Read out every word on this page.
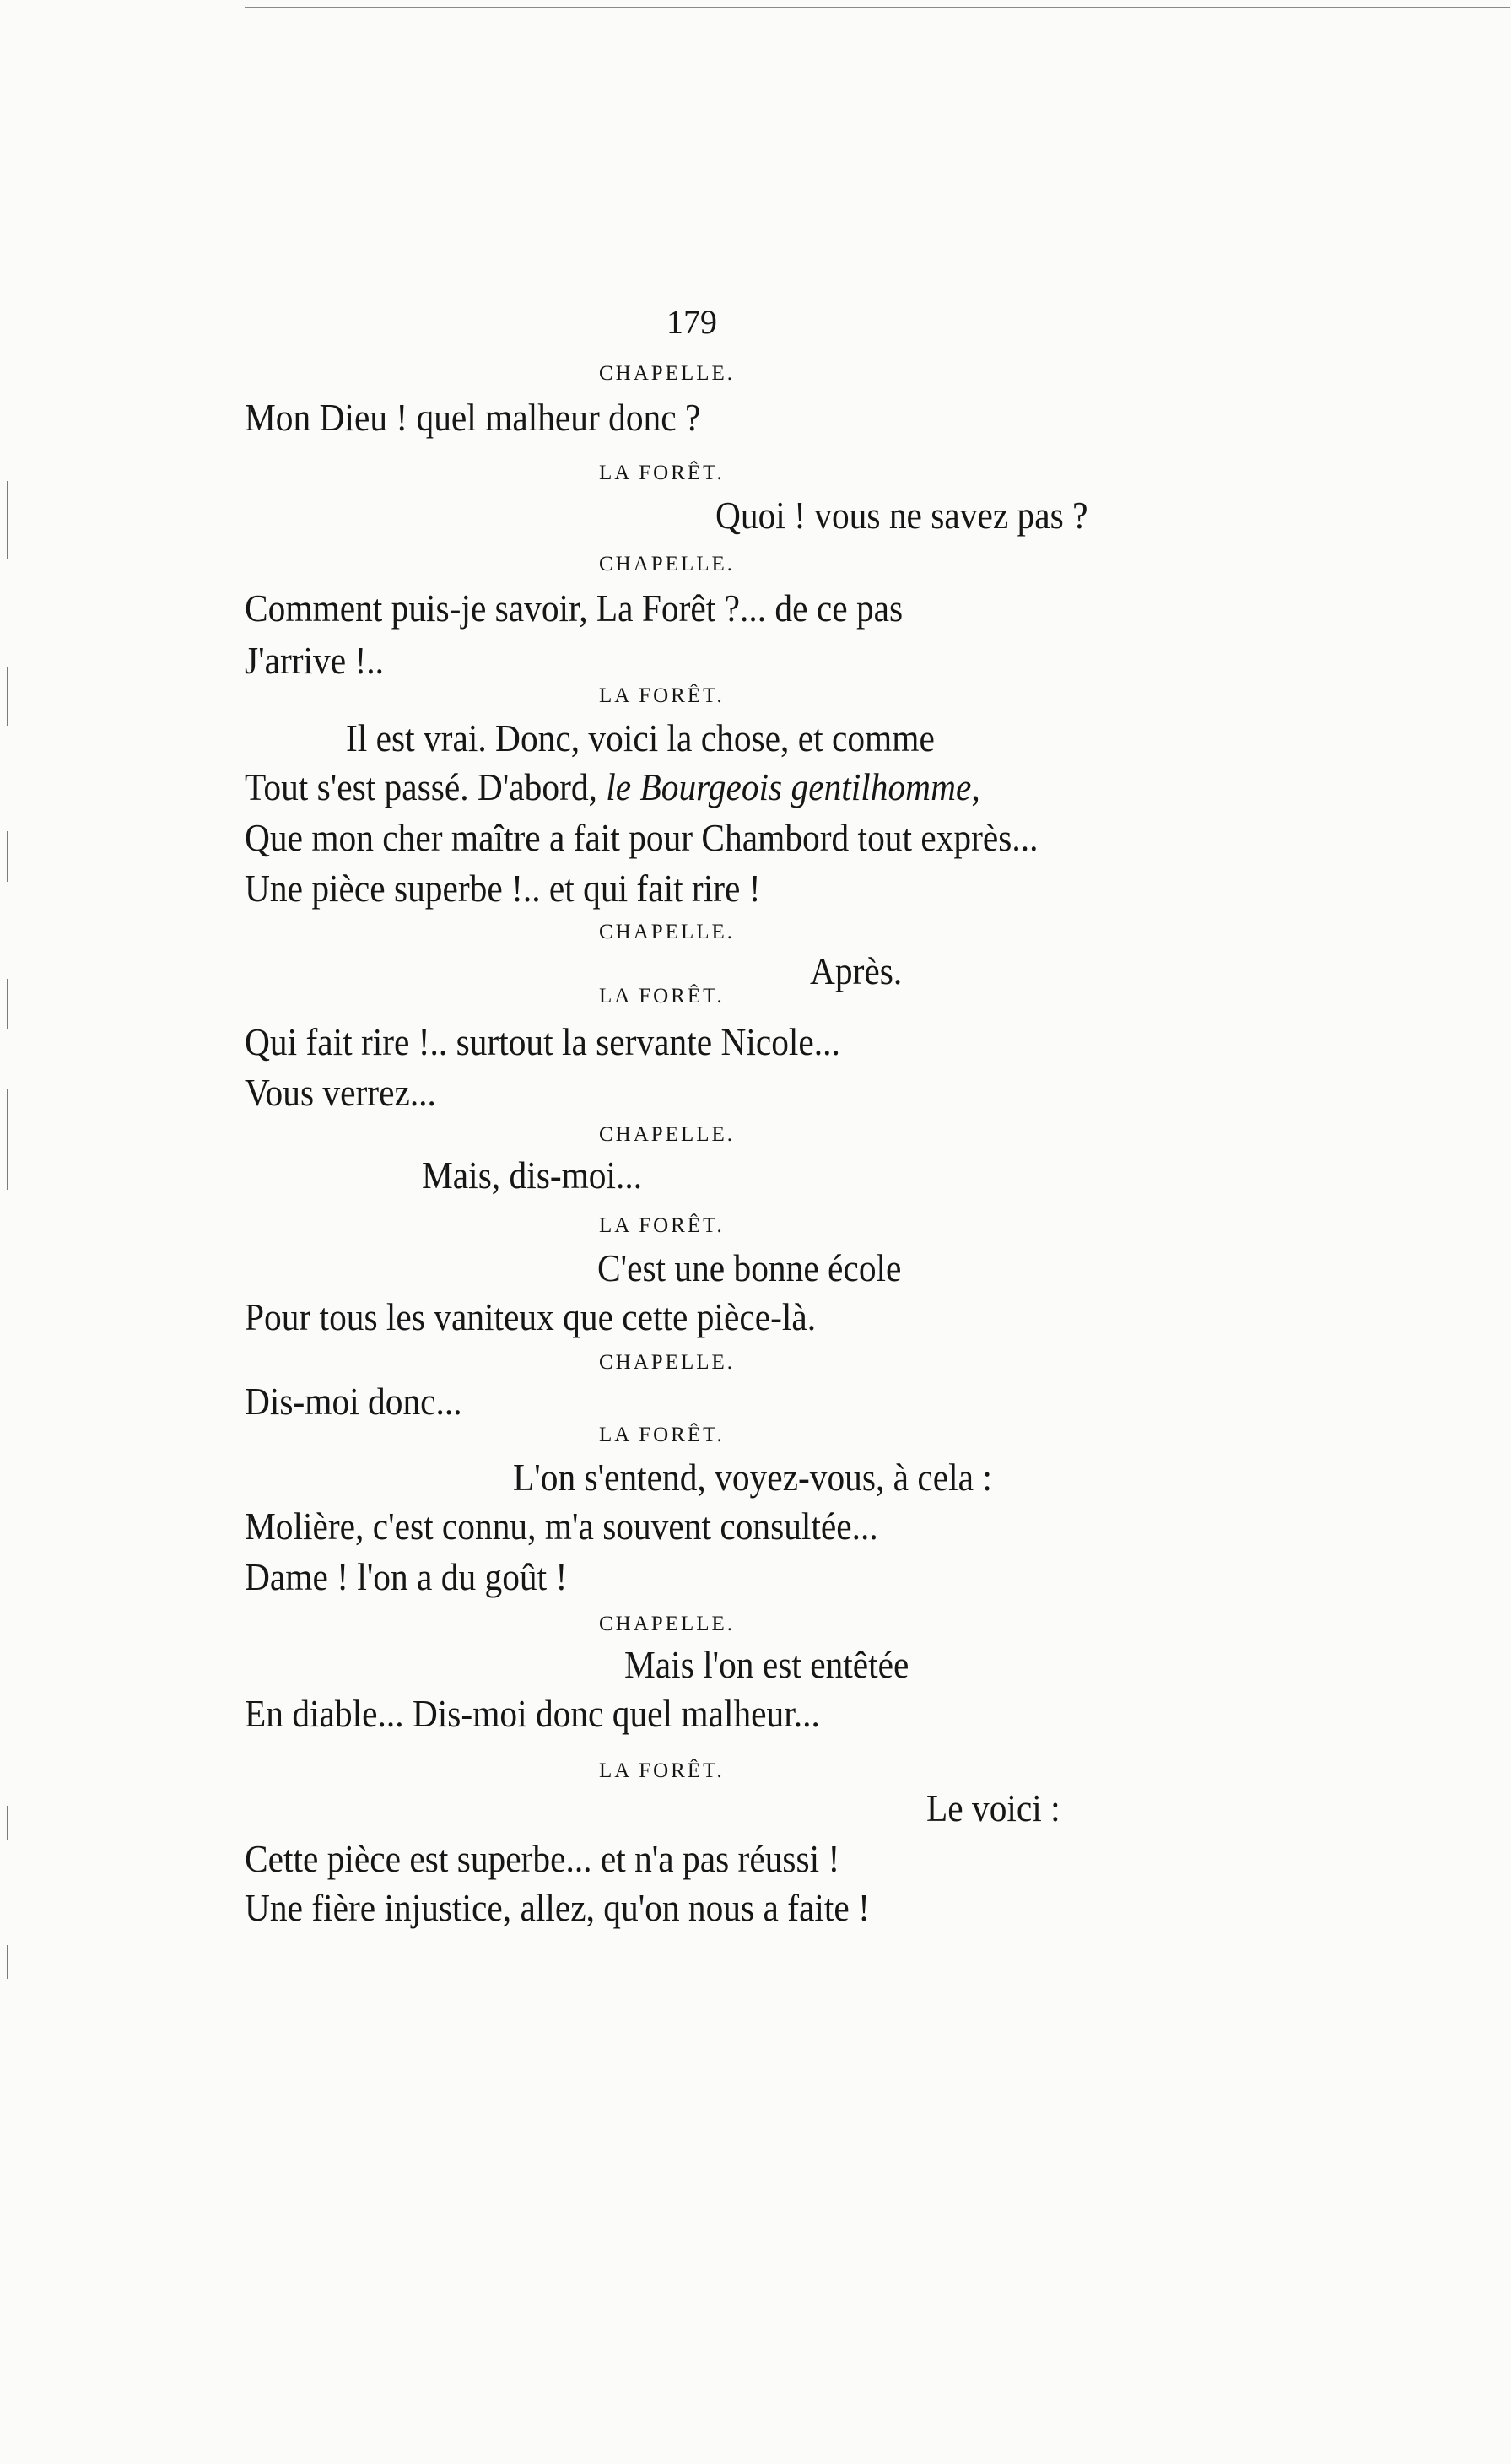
179
CHAPELLE.
Mon Dieu ! quel malheur donc ?
LA FORÊT.
Quoi ! vous ne savez pas ?
CHAPELLE.
Comment puis-je savoir, La Forêt ?... de ce pas
J'arrive !..
LA FORÊT.
Il est vrai. Donc, voici la chose, et comme
Tout s'est passé. D'abord, le Bourgeois gentilhomme,
Que mon cher maître a fait pour Chambord tout exprès...
Une pièce superbe !.. et qui fait rire !
CHAPELLE.
Après.
LA FORÊT.
Qui fait rire !.. surtout la servante Nicole...
Vous verrez...
CHAPELLE.
Mais, dis-moi...
LA FORÊT.
C'est une bonne école
Pour tous les vaniteux que cette pièce-là.
CHAPELLE.
Dis-moi donc...
LA FORÊT.
L'on s'entend, voyez-vous, à cela :
Molière, c'est connu, m'a souvent consultée...
Dame ! l'on a du goût !
CHAPELLE.
Mais l'on est entêtée
En diable... Dis-moi donc quel malheur...
LA FORÊT.
Le voici :
Cette pièce est superbe... et n'a pas réussi !
Une fière injustice, allez, qu'on nous a faite !
